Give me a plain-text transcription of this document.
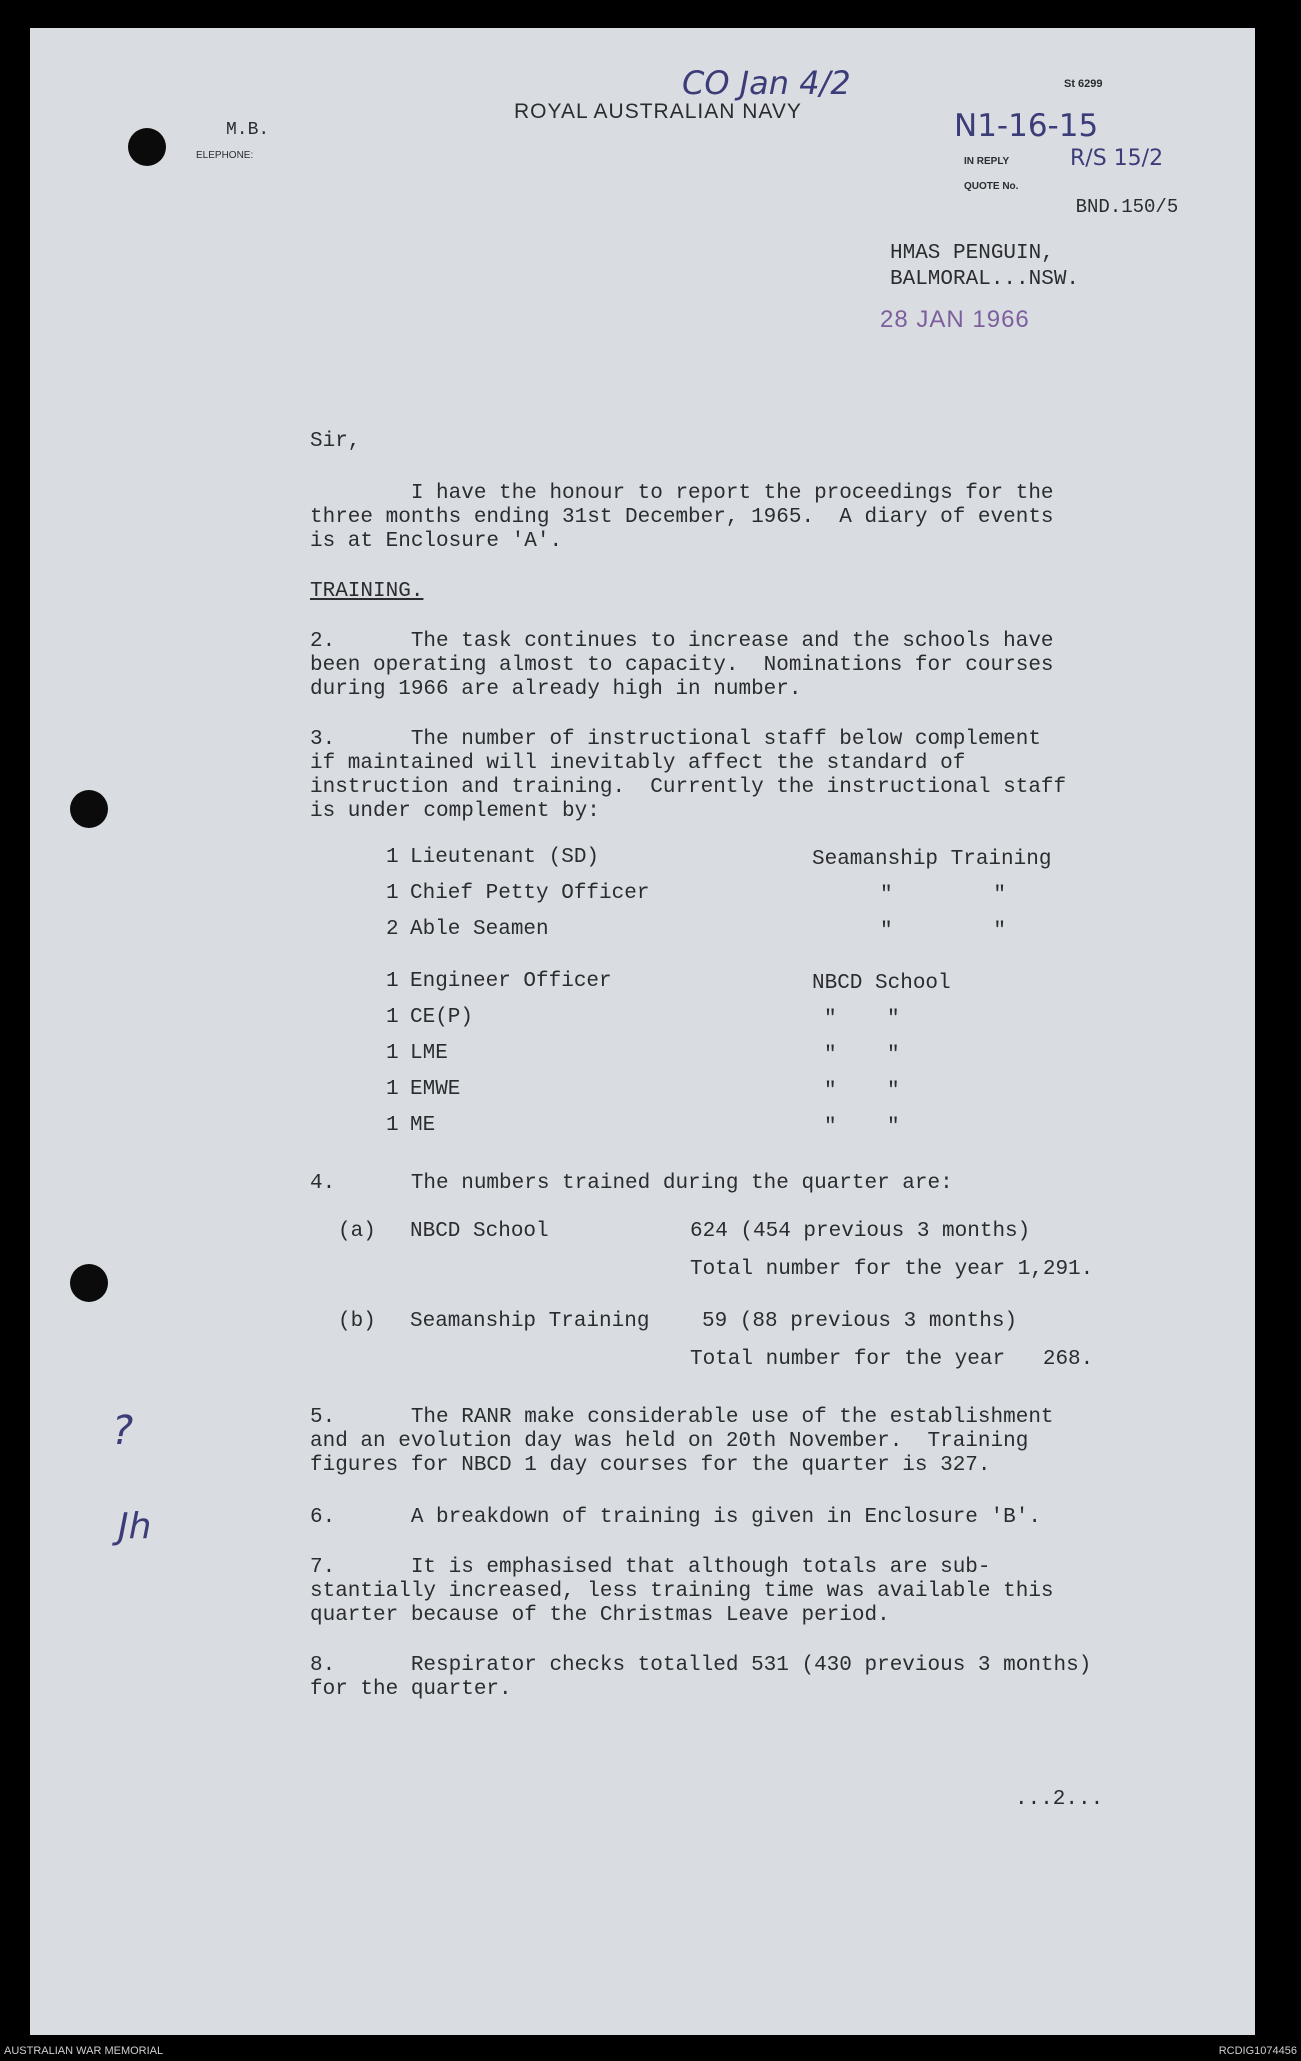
ROYAL AUSTRALIAN NAVY
St 6299
M.B.
ELEPHONE:
IN REPLY
QUOTE No.

BND.150/5

CO Jan 4/2
N1-16-15
R/S 15/2
?
Jh
HMAS PENGUIN,
BALMORAL...NSW.
28 JAN 1966
Sir,
I have the honour to report the proceedings for the
three months ending 31st December, 1965.  A diary of events
is at Enclosure 'A'.
TRAINING.
2.      The task continues to increase and the schools have
been operating almost to capacity.  Nominations for courses
during 1966 are already high in number.
3.      The number of instructional staff below complement
if maintained will inevitably affect the standard of
instruction and training.  Currently the instructional staff
is under complement by:
1 Lieutenant (SD)	Seamanship Training
1 Chief Petty Officer	"        "
2 Able Seamen	"        "
1 Engineer Officer	NBCD School
1 CE(P)	"    "
1 LME	"    "
1 EMWE	"    "
1 ME	"    "
4.      The numbers trained during the quarter are:
(a) NBCD School	624 (454 previous 3 months)
Total number for the year 1,291.
(b) Seamanship Training	59 (88 previous 3 months)
Total number for the year   268.
5.      The RANR make considerable use of the establishment
and an evolution day was held on 20th November.  Training
figures for NBCD 1 day courses for the quarter is 327.
6.      A breakdown of training is given in Enclosure 'B'.
7.      It is emphasised that although totals are sub-
stantially increased, less training time was available this
quarter because of the Christmas Leave period.
8.      Respirator checks totalled 531 (430 previous 3 months)
for the quarter.
...2...
AUSTRALIAN WAR MEMORIAL	RCDIG1074456
